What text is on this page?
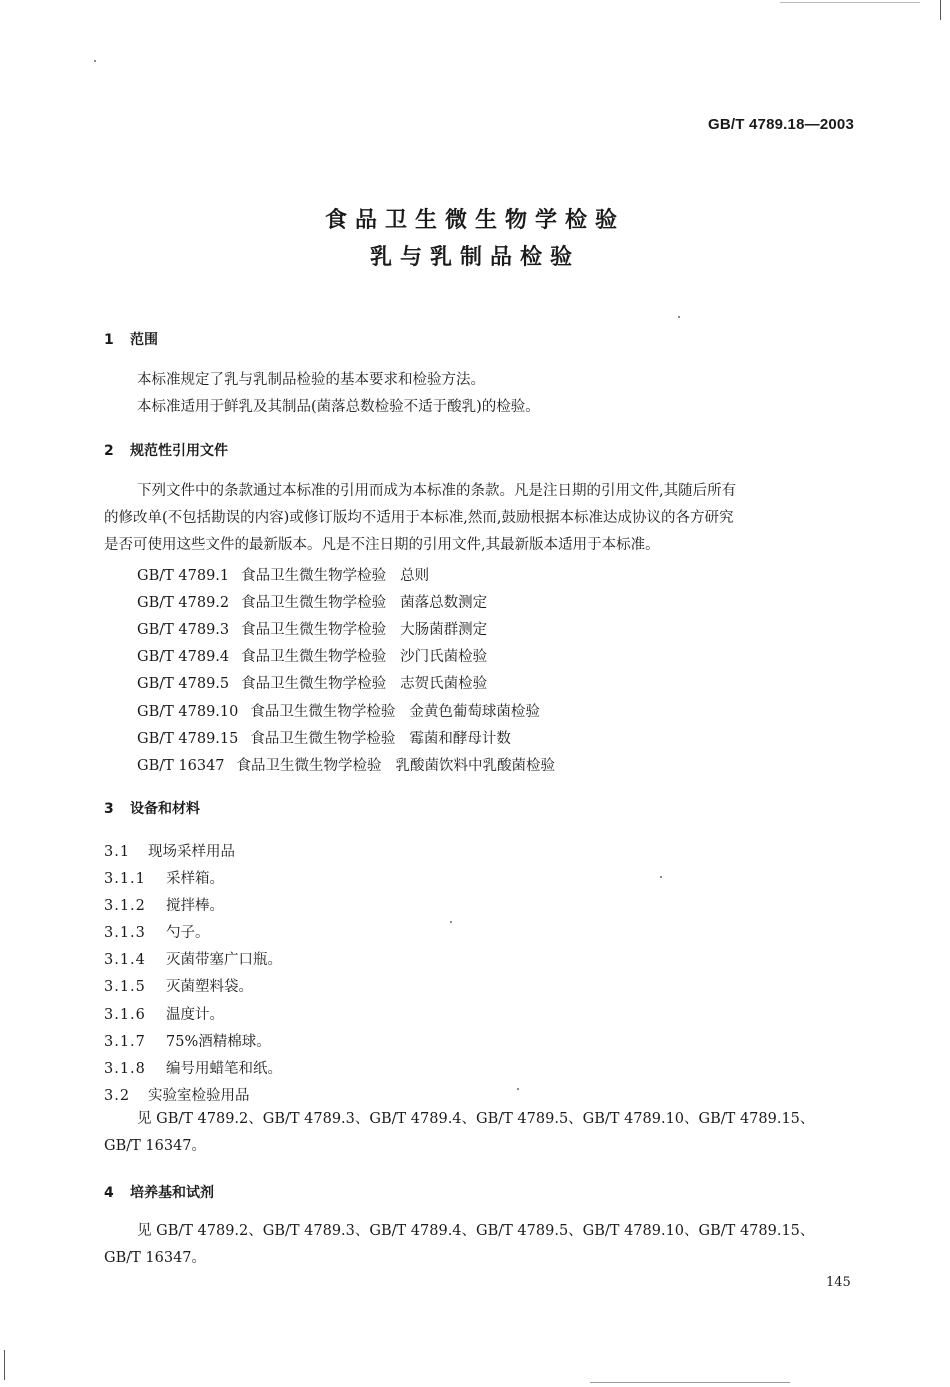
GB/T 4789.18—2003
食品卫生微生物学检验
乳与乳制品检验
1 范围
本标准规定了乳与乳制品检验的基本要求和检验方法。
本标准适用于鲜乳及其制品(菌落总数检验不适于酸乳)的检验。
2 规范性引用文件
下列文件中的条款通过本标准的引用而成为本标准的条款。凡是注日期的引用文件,其随后所有
的修改单(不包括勘误的内容)或修订版均不适用于本标准,然而,鼓励根据本标准达成协议的各方研究
是否可使用这些文件的最新版本。凡是不注日期的引用文件,其最新版本适用于本标准。
GB/T 4789.1 食品卫生微生物学检验 总则
GB/T 4789.2 食品卫生微生物学检验 菌落总数测定
GB/T 4789.3 食品卫生微生物学检验 大肠菌群测定
GB/T 4789.4 食品卫生微生物学检验 沙门氏菌检验
GB/T 4789.5 食品卫生微生物学检验 志贺氏菌检验
GB/T 4789.10 食品卫生微生物学检验 金黄色葡萄球菌检验
GB/T 4789.15 食品卫生微生物学检验 霉菌和酵母计数
GB/T 16347 食品卫生微生物学检验 乳酸菌饮料中乳酸菌检验
3 设备和材料
3.1 现场采样用品
3.1.1 采样箱。
3.1.2 搅拌棒。
3.1.3 勺子。
3.1.4 灭菌带塞广口瓶。
3.1.5 灭菌塑料袋。
3.1.6 温度计。
3.1.7 75%酒精棉球。
3.1.8 编号用蜡笔和纸。
3.2 实验室检验用品
见 GB/T 4789.2、GB/T 4789.3、GB/T 4789.4、GB/T 4789.5、GB/T 4789.10、GB/T 4789.15、
GB/T 16347。
4 培养基和试剂
见 GB/T 4789.2、GB/T 4789.3、GB/T 4789.4、GB/T 4789.5、GB/T 4789.10、GB/T 4789.15、
GB/T 16347。
145
